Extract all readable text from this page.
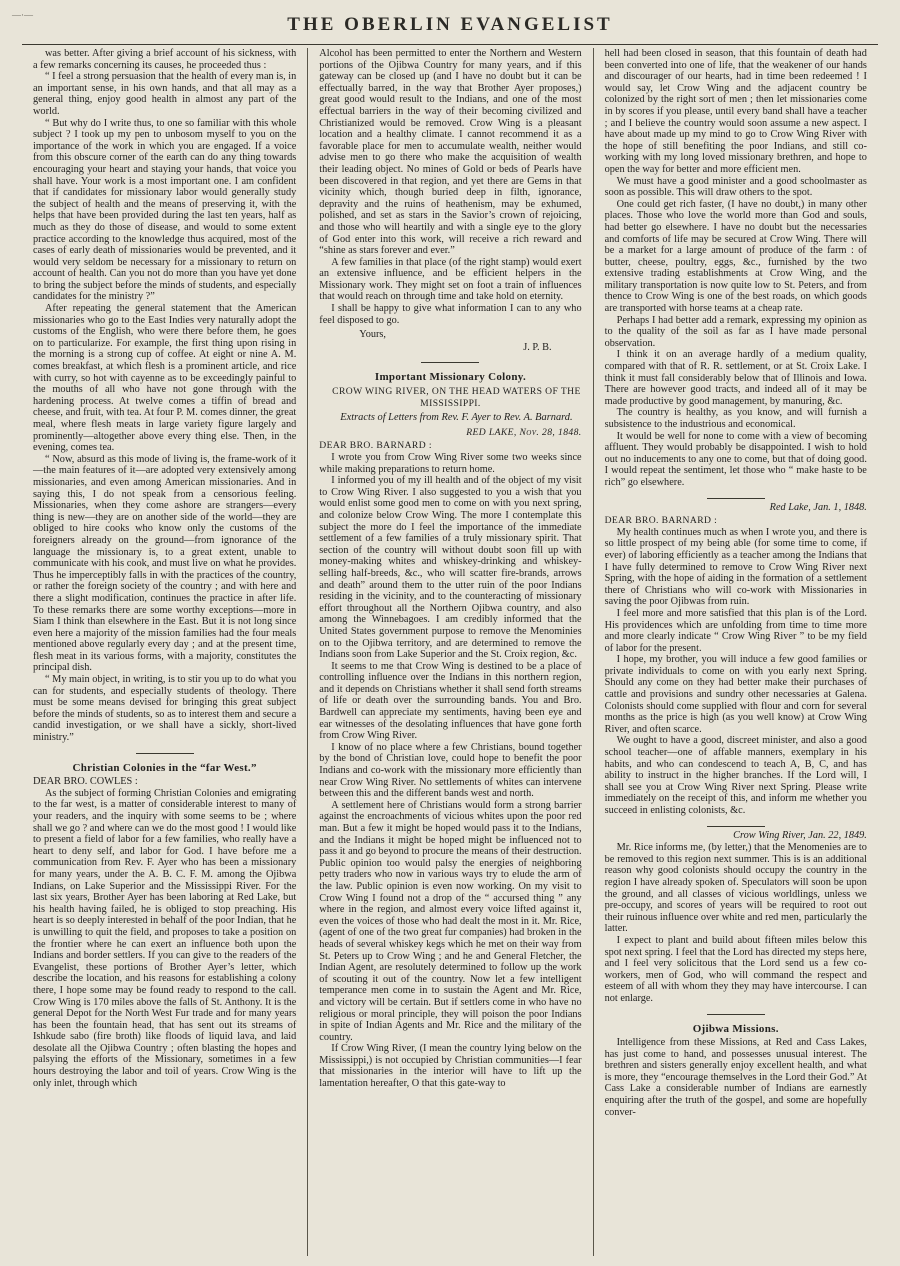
—·—	THE OBERLIN EVANGELIST

was better. After giving a brief account of his sickness, with a few remarks concerning its causes, he proceeded thus :

“ I feel a strong persuasion that the health of every man is, in an important sense, in his own hands, and that all may as a general thing, enjoy good health in almost any part of the world.

“ But why do I write thus, to one so familiar with this whole subject ? I took up my pen to unbosom myself to you on the importance of the work in which you are engaged. If a voice from this obscure corner of the earth can do any thing towards encouraging your heart and staying your hands, that voice you shall have. Your work is a most important one. I am confident that if candidates for missionary labor would generally study the subject of health and the means of preserving it, with the helps that have been provided during the last ten years, half as much as they do those of disease, and would to some extent practice according to the knowledge thus acquired, most of the cases of early death of missionaries would be prevented, and it would very seldom be necessary for a missionary to return on account of health. Can you not do more than you have yet done to bring the subject before the minds of students, and especially candidates for the ministry ?”

After repeating the general statement that the American missionaries who go to the East Indies very naturally adopt the customs of the English, who were there before them, he goes on to particularize. For example, the first thing upon rising in the morning is a strong cup of coffee. At eight or nine A. M. comes breakfast, at which flesh is a prominent article, and rice with curry, so hot with cayenne as to be exceedingly painful to the mouths of all who have not gone through with the hardening process. At twelve comes a tiffin of bread and cheese, and fruit, with tea. At four P. M. comes dinner, the great meal, where flesh meats in large variety figure largely and prominently—altogether above every thing else. Then, in the evening, comes tea.

“ Now, absurd as this mode of living is, the frame-work of it—the main features of it—are adopted very extensively among missionaries, and even among American missionaries. And in saying this, I do not speak from a censorious feeling. Missionaries, when they come ashore are strangers—every thing is new—they are on another side of the world—they are obliged to hire cooks who know only the customs of the foreigners already on the ground—from ignorance of the language the missionary is, to a great extent, unable to communicate with his cook, and must live on what he provides. Thus he imperceptibly falls in with the practices of the country, or rather the foreign society of the country ; and with here and there a slight modification, continues the practice in after life. To these remarks there are some worthy exceptions—more in Siam I think than elsewhere in the East. But it is not long since even here a majority of the mission families had the four meals mentioned above regularly every day ; and at the present time, flesh meat in its various forms, with a majority, constitutes the principal dish.

“ My main object, in writing, is to stir you up to do what you can for students, and especially students of theology. There must be some means devised for bringing this great subject before the minds of students, so as to interest them and secure a candid investigation, or we shall have a sickly, short-lived ministry.”

Christian Colonies in the “far West.”

DEAR BRO. COWLES :

As the subject of forming Christian Colonies and emigrating to the far west, is a matter of considerable interest to many of your readers, and the inquiry with some seems to be ; where shall we go ? and where can we do the most good ! I would like to present a field of labor for a few families, who really have a heart to deny self, and labor for God. I have before me a communication from Rev. F. Ayer who has been a missionary for many years, under the A. B. C. F. M. among the Ojibwa Indians, on Lake Superior and the Mississippi River. For the last six years, Brother Ayer has been laboring at Red Lake, but his health having failed, he is obliged to stop preaching. His heart is so deeply interested in behalf of the poor Indian, that he is unwilling to quit the field, and proposes to take a position on the frontier where he can exert an influence both upon the Indians and border settlers. If you can give to the readers of the Evangelist, these portions of Brother Ayer’s letter, which describe the location, and his reasons for establishing a colony there, I hope some may be found ready to respond to the call. Crow Wing is 170 miles above the falls of St. Anthony. It is the general Depot for the North West Fur trade and for many years has been the fountain head, that has sent out its streams of Ishkude sabo (fire broth) like floods of liquid lava, and laid desolate all the Ojibwa Country ; often blasting the hopes and palsying the efforts of the Missionary, sometimes in a few hours destroying the labor and toil of years. Crow Wing is the only inlet, through which

Alcohol has been permitted to enter the Northern and Western portions of the Ojibwa Country for many years, and if this gateway can be closed up (and I have no doubt but it can be effectually barred, in the way that Brother Ayer proposes,) great good would result to the Indians, and one of the most effectual barriers in the way of their becoming civilized and Christianized would be removed. Crow Wing is a pleasant location and a healthy climate. I cannot recommend it as a favorable place for men to accumulate wealth, neither would advise men to go there who make the acquisition of wealth their leading object. No mines of Gold or beds of Pearls have been discovered in that region, and yet there are Gems in that vicinity which, though buried deep in filth, ignorance, depravity and the ruins of heathenism, may be exhumed, polished, and set as stars in the Savior’s crown of rejoicing, and those who will heartily and with a single eye to the glory of God enter into this work, will receive a rich reward and “shine as stars forever and ever.”

A few families in that place (of the right stamp) would exert an extensive influence, and be efficient helpers in the Missionary work. They might set on foot a train of influences that would reach on through time and take hold on eternity.

I shall be happy to give what information I can to any who feel disposed to go.

Yours,

J. P. B.

Important Missionary Colony.

CROW WING RIVER, ON THE HEAD WATERS OF THE MISSISSIPPI.

Extracts of Letters from Rev. F. Ayer to Rev. A. Barnard.

RED LAKE, Nov. 28, 1848.

DEAR BRO. BARNARD :

I wrote you from Crow Wing River some two weeks since while making preparations to return home.

I informed you of my ill health and of the object of my visit to Crow Wing River. I also suggested to you a wish that you would enlist some good men to come on with you next spring, and colonize below Crow Wing. The more I contemplate this subject the more do I feel the importance of the immediate settlement of a few families of a truly missionary spirit. That section of the country will without doubt soon fill up with money-making whites and whiskey-drinking and whiskey-selling half-breeds, &c., who will scatter fire-brands, arrows and death” around them to the utter ruin of the poor Indians residing in the vicinity, and to the counteracting of missionary effort throughout all the Northern Ojibwa country, and also among the Winnebagoes. I am credibly informed that the United States government purpose to remove the Menominies on to the Ojibwa territory, and are determined to remove the Indians soon from Lake Superior and the St. Croix region, &c.

It seems to me that Crow Wing is destined to be a place of controlling influence over the Indians in this northern region, and it depends on Christians whether it shall send forth streams of life or death over the surrounding bands. You and Bro. Bardwell can appreciate my sentiments, having been eye and ear witnesses of the desolating influences that have gone forth from Crow Wing River.

I know of no place where a few Christians, bound together by the bond of Christian love, could hope to benefit the poor Indians and co-work with the missionary more efficiently than near Crow Wing River. No settlements of whites can intervene between this and the different bands west and north.

A settlement here of Christians would form a strong barrier against the encroachments of vicious whites upon the poor red man. But a few it might be hoped would pass it to the Indians, and the Indians it might be hoped might be influenced not to pass it and go beyond to procure the means of their destruction. Public opinion too would palsy the energies of neighboring petty traders who now in various ways try to elude the arm of the law. Public opinion is even now working. On my visit to Crow Wing I found not a drop of the “ accursed thing ” any where in the region, and almost every voice lifted against it, even the voices of those who had dealt the most in it. Mr. Rice, (agent of one of the two great fur companies) had broken in the heads of several whiskey kegs which he met on their way from St. Peters up to Crow Wing ; and he and General Fletcher, the Indian Agent, are resolutely determined to follow up the work of scouting it out of the country. Now let a few intelligent temperance men come in to sustain the Agent and Mr. Rice, and victory will be certain. But if settlers come in who have no religious or moral principle, they will poison the poor Indians in spite of Indian Agents and Mr. Rice and the military of the country.

If Crow Wing River, (I mean the country lying below on the Mississippi,) is not occupied by Christian communities—I fear that missionaries in the interior will have to lift up the lamentation hereafter, O that this gate-way to

hell had been closed in season, that this fountain of death had been converted into one of life, that the weakener of our hands and discourager of our hearts, had in time been redeemed ! I would say, let Crow Wing and the adjacent country be colonized by the right sort of men ; then let missionaries come in by scores if you please, until every band shall have a teacher ; and I believe the country would soon assume a new aspect. I have about made up my mind to go to Crow Wing River with the hope of still benefiting the poor Indians, and still co-working with my long loved missionary brethren, and hope to open the way for better and more efficient men.

We must have a good minister and a good schoolmaster as soon as possible. This will draw others to the spot.

One could get rich faster, (I have no doubt,) in many other places. Those who love the world more than God and souls, had better go elsewhere. I have no doubt but the necessaries and comforts of life may be secured at Crow Wing. There will be a market for a large amount of produce of the farm : of butter, cheese, poultry, eggs, &c., furnished by the two extensive trading establishments at Crow Wing, and the military transportation is now quite low to St. Peters, and from thence to Crow Wing is one of the best roads, on which goods are transported with horse teams at a cheap rate.

Perhaps I had better add a remark, expressing my opinion as to the quality of the soil as far as I have made personal observation.

I think it on an average hardly of a medium quality, compared with that of R. R. settlement, or at St. Croix Lake. I think it must fall considerably below that of Illinois and Iowa. There are however good tracts, and indeed all of it may be made productive by good management, by manuring, &c.

The country is healthy, as you know, and will furnish a subsistence to the industrious and economical.

It would be well for none to come with a view of becoming affluent. They would probably be disappointed. I wish to hold out no inducements to any one to come, but that of doing good. I would repeat the sentiment, let those who “ make haste to be rich” go elsewhere.

Red Lake, Jan. 1, 1848.

DEAR BRO. BARNARD :

My health continues much as when I wrote you, and there is so little prospect of my being able (for some time to come, if ever) of laboring efficiently as a teacher among the Indians that I have fully determined to remove to Crow Wing River next Spring, with the hope of aiding in the formation of a settlement there of Christians who will co-work with Missionaries in saving the poor Ojibwas from ruin.

I feel more and more satisfied that this plan is of the Lord. His providences which are unfolding from time to time more and more clearly indicate “ Crow Wing River ” to be my field of labor for the present.

I hope, my brother, you will induce a few good families or private individuals to come on with you early next Spring. Should any come on they had better make their purchases of cattle and provisions and sundry other necessaries at Galena. Colonists should come supplied with flour and corn for several months as the price is high (as you well know) at Crow Wing River, and often scarce.

We ought to have a good, discreet minister, and also a good school teacher—one of affable manners, exemplary in his habits, and who can condescend to teach A, B, C, and has ability to instruct in the higher branches. If the Lord will, I shall see you at Crow Wing River next Spring. Please write immediately on the receipt of this, and inform me whether you succeed in enlisting colonists, &c.

Crow Wing River, Jan. 22, 1849.

Mr. Rice informs me, (by letter,) that the Menomenies are to be removed to this region next summer. This is is an additional reason why good colonists should occupy the country in the region I have already spoken of. Speculators will soon be upon the ground, and all classes of vicious worldlings, unless we pre-occupy, and scores of years will be required to root out their ruinous influence over white and red men, particularly the latter.

I expect to plant and build about fifteen miles below this spot next spring. I feel that the Lord has directed my steps here, and I feel very solicitous that the Lord send us a few co-workers, men of God, who will command the respect and esteem of all with whom they they may have intercourse. I can not enlarge.

Ojibwa Missions.

Intelligence from these Missions, at Red and Cass Lakes, has just come to hand, and possesses unusual interest. The brethren and sisters generally enjoy excellent health, and what is more, they “encourage themselves in the Lord their God.” At Cass Lake a considerable number of Indians are earnestly enquiring after the truth of the gospel, and some are hopefully conver-
